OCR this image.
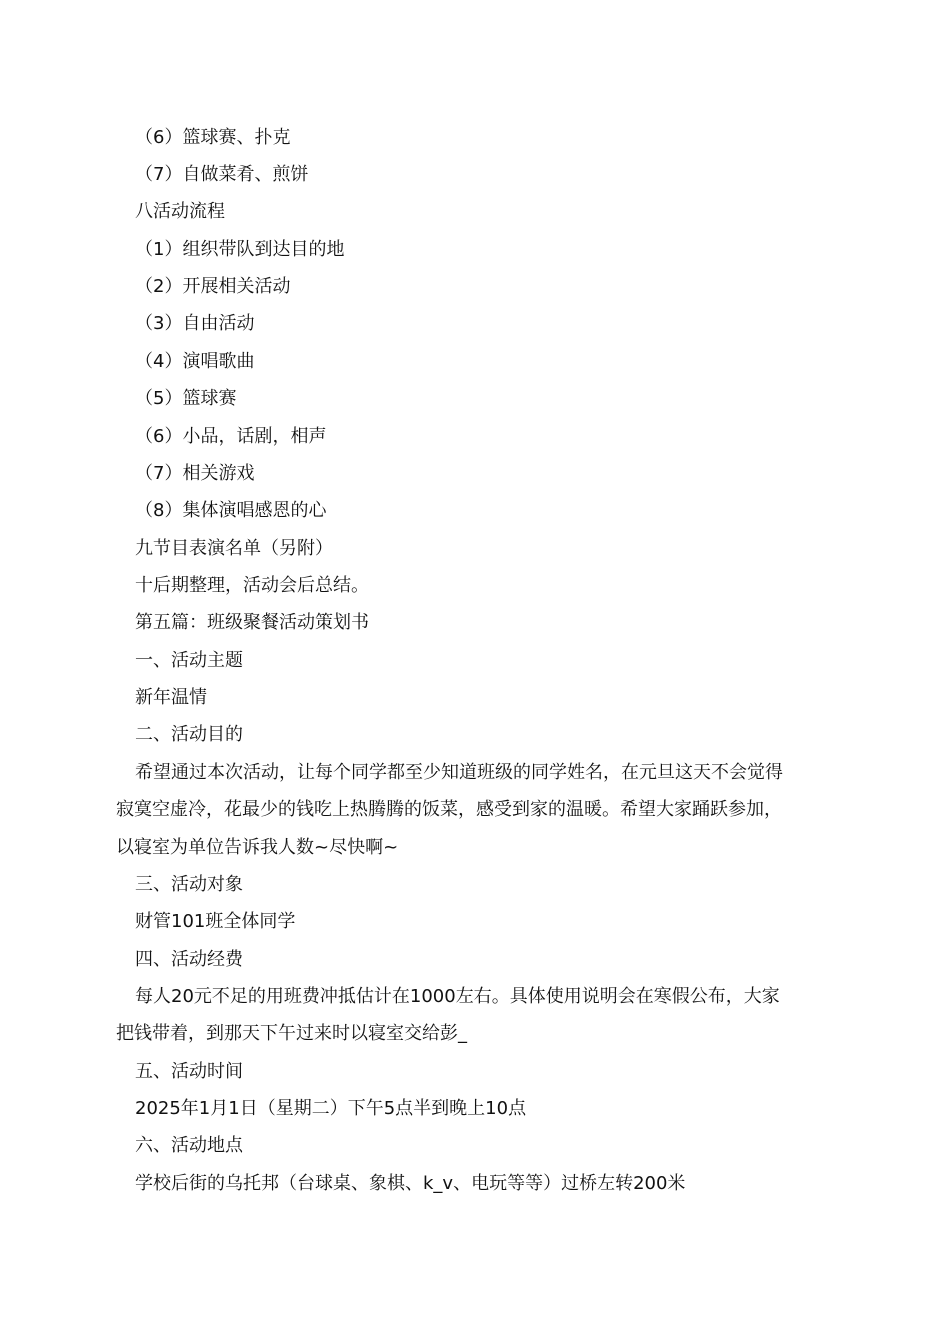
（6）篮球赛、扑克
（7）自做菜肴、煎饼
八活动流程
（1）组织带队到达目的地
（2）开展相关活动
（3）自由活动
（4）演唱歌曲
（5）篮球赛
（6）小品，话剧，相声
（7）相关游戏
（8）集体演唱感恩的心
九节目表演名单（另附）
十后期整理，活动会后总结。
第五篇：班级聚餐活动策划书
一、活动主题
新年温情
二、活动目的
希望通过本次活动，让每个同学都至少知道班级的同学姓名，在元旦这天不会觉得
寂寞空虚冷，花最少的钱吃上热腾腾的饭菜，感受到家的温暖。希望大家踊跃参加，
以寝室为单位告诉我人数~尽快啊~
三、活动对象
财管101班全体同学
四、活动经费
每人20元不足的用班费冲抵估计在1000左右。具体使用说明会在寒假公布，大家
把钱带着，到那天下午过来时以寝室交给彭_
五、活动时间
2025年1月1日（星期二）下午5点半到晚上10点
六、活动地点
学校后街的乌托邦（台球桌、象棋、k_v、电玩等等）过桥左转200米
